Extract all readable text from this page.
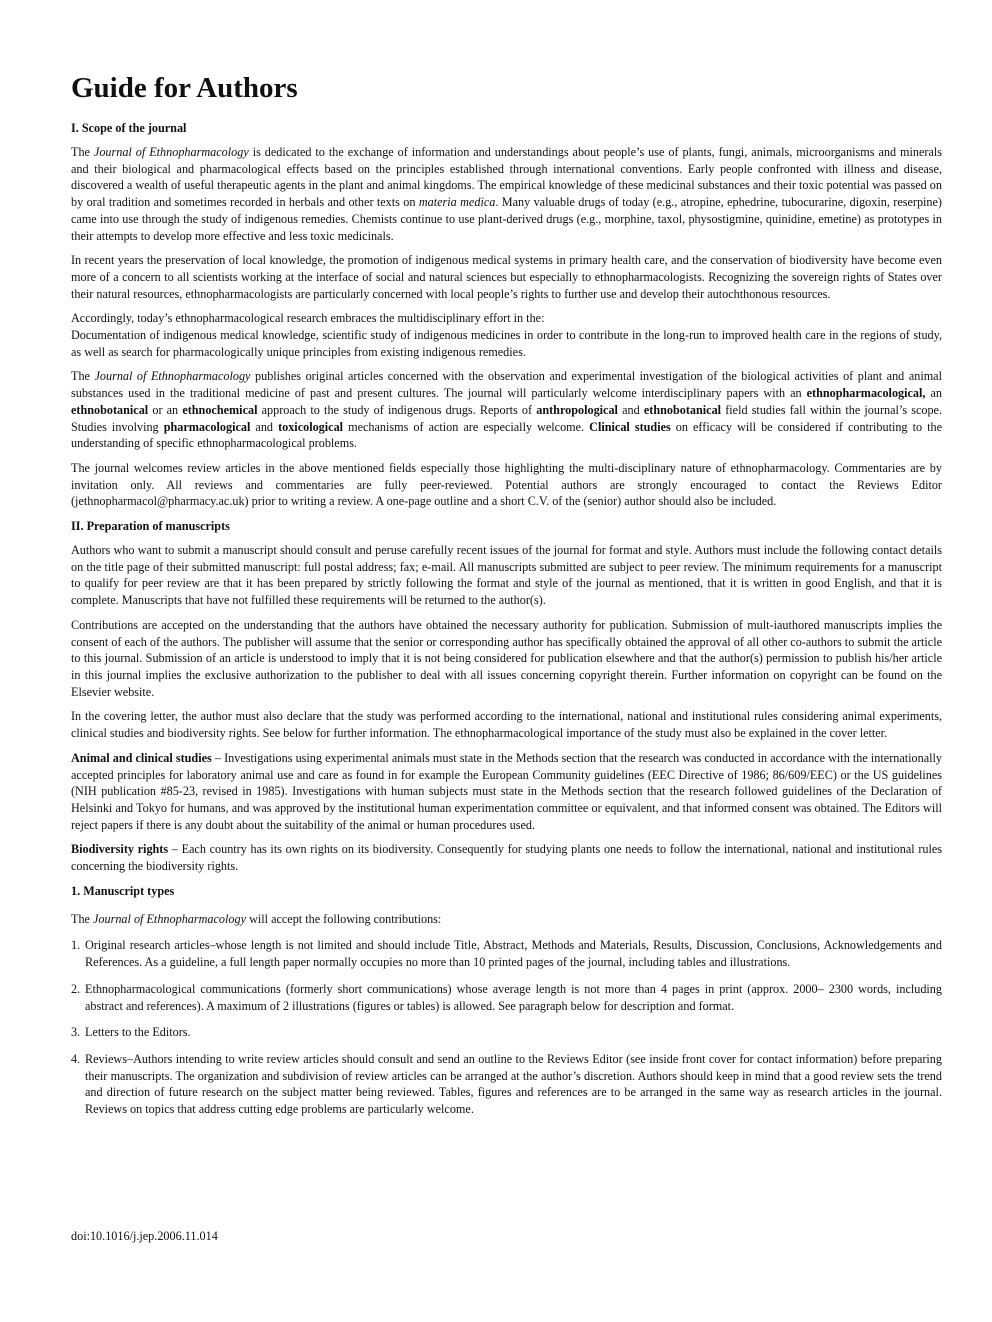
Guide for Authors
I. Scope of the journal

The Journal of Ethnopharmacology is dedicated to the exchange of information and understandings about people’s use of plants, fungi, animals, microorganisms and minerals and their biological and pharmacological effects based on the principles established through international conventions. Early people confronted with illness and disease, discovered a wealth of useful therapeutic agents in the plant and animal kingdoms. The empirical knowledge of these medicinal substances and their toxic potential was passed on by oral tradition and sometimes recorded in herbals and other texts on materia medica. Many valuable drugs of today (e.g., atropine, ephedrine, tubocurarine, digoxin, reserpine) came into use through the study of indigenous remedies. Chemists continue to use plant-derived drugs (e.g., morphine, taxol, physostigmine, quinidine, emetine) as prototypes in their attempts to develop more effective and less toxic medicinals.

In recent years the preservation of local knowledge, the promotion of indigenous medical systems in primary health care, and the conservation of biodiversity have become even more of a concern to all scientists working at the interface of social and natural sciences but especially to ethnopharmacologists. Recognizing the sovereign rights of States over their natural resources, ethnopharmacologists are particularly concerned with local people’s rights to further use and develop their autochthonous resources.

Accordingly, today’s ethnopharmacological research embraces the multidisciplinary effort in the:
Documentation of indigenous medical knowledge, scientific study of indigenous medicines in order to contribute in the long-run to improved health care in the regions of study, as well as search for pharmacologically unique principles from existing indigenous remedies.

The Journal of Ethnopharmacology publishes original articles concerned with the observation and experimental investigation of the biological activities of plant and animal substances used in the traditional medicine of past and present cultures. The journal will particularly welcome interdisciplinary papers with an ethnopharmacological, an ethnobotanical or an ethnochemical approach to the study of indigenous drugs. Reports of anthropological and ethnobotanical field studies fall within the journal’s scope. Studies involving pharmacological and toxicological mechanisms of action are especially welcome. Clinical studies on efficacy will be considered if contributing to the understanding of specific ethnopharmacological problems.

The journal welcomes review articles in the above mentioned fields especially those highlighting the multi-disciplinary nature of ethnopharmacology. Commentaries are by invitation only. All reviews and commentaries are fully peer-reviewed. Potential authors are strongly encouraged to contact the Reviews Editor (jethnopharmacol@pharmacy.ac.uk) prior to writing a review. A one-page outline and a short C.V. of the (senior) author should also be included.

II. Preparation of manuscripts

Authors who want to submit a manuscript should consult and peruse carefully recent issues of the journal for format and style. Authors must include the following contact details on the title page of their submitted manuscript: full postal address; fax; e-mail. All manuscripts submitted are subject to peer review. The minimum requirements for a manuscript to qualify for peer review are that it has been prepared by strictly following the format and style of the journal as mentioned, that it is written in good English, and that it is complete. Manuscripts that have not fulfilled these requirements will be returned to the author(s).

Contributions are accepted on the understanding that the authors have obtained the necessary authority for publication. Submission of mult-iauthored manuscripts implies the consent of each of the authors. The publisher will assume that the senior or corresponding author has specifically obtained the approval of all other co-authors to submit the article to this journal. Submission of an article is understood to imply that it is not being considered for publication elsewhere and that the author(s) permission to publish his/her article in this journal implies the exclusive authorization to the publisher to deal with all issues concerning copyright therein. Further information on copyright can be found on the Elsevier website.

In the covering letter, the author must also declare that the study was performed according to the international, national and institutional rules considering animal experiments, clinical studies and biodiversity rights. See below for further information. The ethnopharmacological importance of the study must also be explained in the cover letter.

Animal and clinical studies – Investigations using experimental animals must state in the Methods section that the research was conducted in accordance with the internationally accepted principles for laboratory animal use and care as found in for example the European Community guidelines (EEC Directive of 1986; 86/609/EEC) or the US guidelines (NIH publication #85-23, revised in 1985). Investigations with human subjects must state in the Methods section that the research followed guidelines of the Declaration of Helsinki and Tokyo for humans, and was approved by the institutional human experimentation committee or equivalent, and that informed consent was obtained. The Editors will reject papers if there is any doubt about the suitability of the animal or human procedures used.

Biodiversity rights – Each country has its own rights on its biodiversity. Consequently for studying plants one needs to follow the international, national and institutional rules concerning the biodiversity rights.

1. Manuscript types

The Journal of Ethnopharmacology will accept the following contributions:

1. Original research articles–whose length is not limited and should include Title, Abstract, Methods and Materials, Results, Discussion, Conclusions, Acknowledgements and References. As a guideline, a full length paper normally occupies no more than 10 printed pages of the journal, including tables and illustrations.
2. Ethnopharmacological communications (formerly short communications) whose average length is not more than 4 pages in print (approx. 2000– 2300 words, including abstract and references). A maximum of 2 illustrations (figures or tables) is allowed. See paragraph below for description and format.
3. Letters to the Editors.
4. Reviews–Authors intending to write review articles should consult and send an outline to the Reviews Editor (see inside front cover for contact information) before preparing their manuscripts. The organization and subdivision of review articles can be arranged at the author’s discretion. Authors should keep in mind that a good review sets the trend and direction of future research on the subject matter being reviewed. Tables, figures and references are to be arranged in the same way as research articles in the journal. Reviews on topics that address cutting edge problems are particularly welcome.
doi:10.1016/j.jep.2006.11.014
